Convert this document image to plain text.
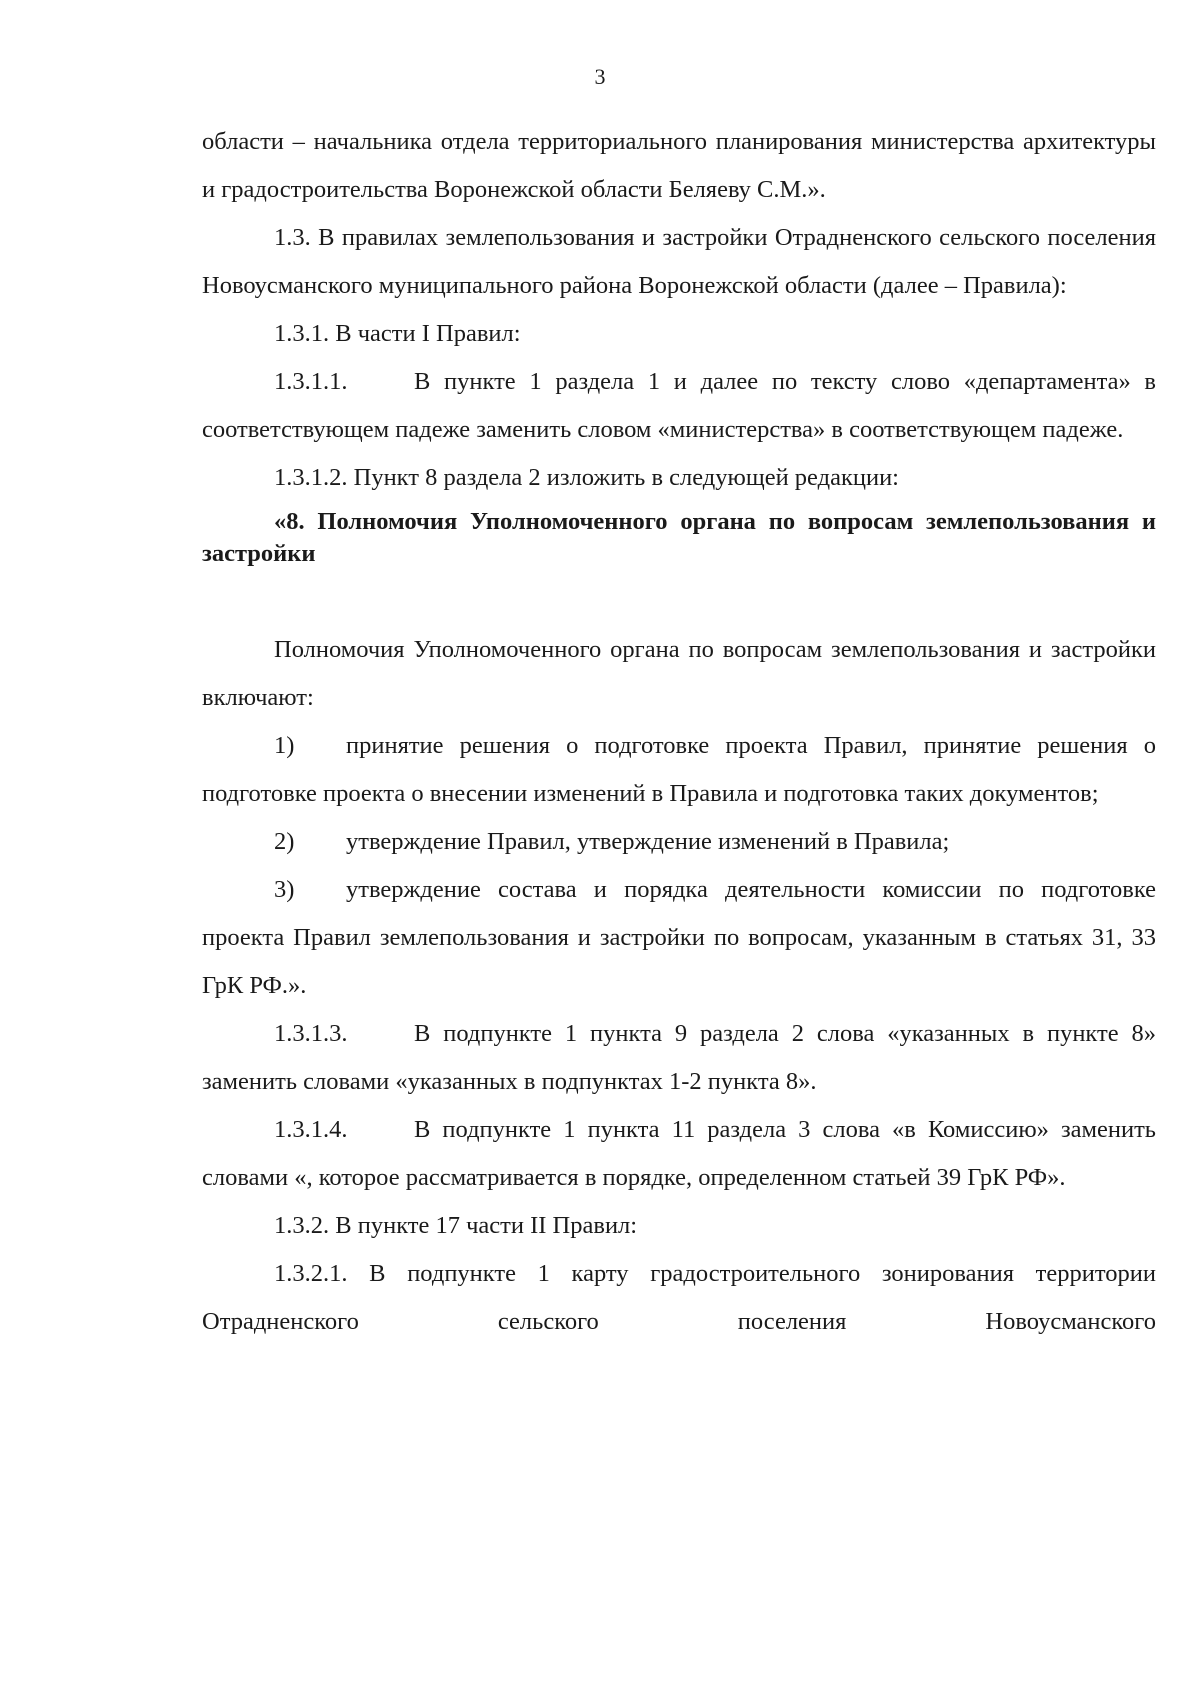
3

области – начальника отдела территориального планирования министерства архитектуры и градостроительства Воронежской области Беляеву С.М.».

1.3. В правилах землепользования и застройки Отрадненского сельского поселения Новоусманского муниципального района Воронежской области (далее – Правила):

1.3.1. В части I Правил:

1.3.1.1.	В пункте 1 раздела 1 и далее по тексту слово «департамента» в соответствующем падеже заменить словом «министерства» в соответствующем падеже.

1.3.1.2. Пункт 8 раздела 2 изложить в следующей редакции:

«8. Полномочия Уполномоченного органа по вопросам землепользования и застройки

Полномочия Уполномоченного органа по вопросам землепользования и застройки включают:

1) принятие решения о подготовке проекта Правил, принятие решения о подготовке проекта о внесении изменений в Правила и подготовка таких документов;

2) утверждение Правил, утверждение изменений в Правила;

3) утверждение состава и порядка деятельности комиссии по подготовке проекта Правил землепользования и застройки по вопросам, указанным в статьях 31, 33 ГрК РФ.».

1.3.1.3.	В подпункте 1 пункта 9 раздела 2 слова «указанных в пункте 8» заменить словами «указанных в подпунктах 1-2 пункта 8».

1.3.1.4.	В подпункте 1 пункта 11 раздела 3 слова «в Комиссию» заменить словами «, которое рассматривается в порядке, определенном статьей 39 ГрК РФ».

1.3.2. В пункте 17 части II Правил:

1.3.2.1. В подпункте 1 карту градостроительного зонирования территории Отрадненского сельского поселения Новоусманского
